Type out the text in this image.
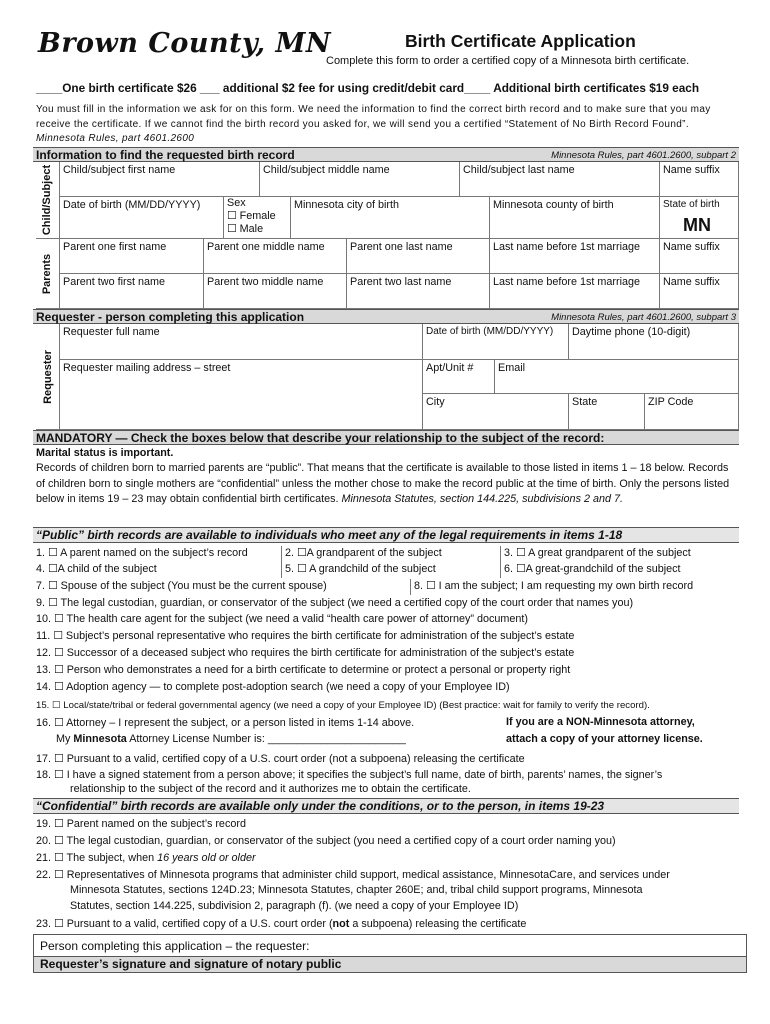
Brown County, MN	Birth Certificate Application
Complete this form to order a certified copy of a Minnesota birth certificate.
____One birth certificate $26 ___ additional $2 fee for using credit/debit card____ Additional birth certificates $19 each
You must fill in the information we ask for on this form. We need the information to find the correct birth record and to make sure that you may receive the certificate. If we cannot find the birth record you asked for, we will send you a certified “Statement of No Birth Record Found”. Minnesota Rules, part 4601.2600
Information to find the requested birth record	Minnesota Rules, part 4601.2600, subpart 2
Child/Subject
Parents
Child/subject first name	Child/subject middle name	Child/subject last name	Name suffix
Date of birth (MM/DD/YYYY) Sex
☐ Female
☐ Male
Minnesota city of birth	Minnesota county of birth	State of birth
MN
Parent one first name	Parent one middle name Parent one last name	Last name before 1st marriage Name suffix
Parent two first name	Parent two middle name Parent two last name	Last name before 1st marriage Name suffix
Requester - person completing this application	Minnesota Rules, part 4601.2600, subpart 3
Requester
Requester full name	Date of birth (MM/DD/YYYY) Daytime phone (10-digit)
Requester mailing address – street	Apt/Unit # Email
City	State	ZIP Code
MANDATORY — Check the boxes below that describe your relationship to the subject of the record:
Marital status is important.
Records of children born to married parents are “public”. That means that the certificate is available to those listed in items 1 – 18 below. Records of children born to single mothers are “confidential” unless the mother chose to make the record public at the time of birth. Only the persons listed below in items 19 – 23 may obtain confidential birth certificates. Minnesota Statutes, section 144.225, subdivisions 2 and 7.
“Public” birth records are available to individuals who meet any of the legal requirements in items 1-18
1. ☐ A parent named on the subject’s record	2. ☐A grandparent of the subject	3. ☐ A great grandparent of the subject
4. ☐A child of the subject	5. ☐ A grandchild of the subject	6. ☐A great-grandchild of the subject
7. ☐ Spouse of the subject (You must be the current spouse)	8. ☐ I am the subject; I am requesting my own birth record
9. ☐ The legal custodian, guardian, or conservator of the subject (we need a certified copy of the court order that names you)
10. ☐ The health care agent for the subject (we need a valid “health care power of attorney” document)
11. ☐ Subject’s personal representative who requires the birth certificate for administration of the subject’s estate
12. ☐ Successor of a deceased subject who requires the birth certificate for administration of the subject’s estate
13. ☐ Person who demonstrates a need for a birth certificate to determine or protect a personal or property right
14. ☐ Adoption agency — to complete post-adoption search (we need a copy of your Employee ID)
15. ☐ Local/state/tribal or federal governmental agency (we need a copy of your Employee ID) (Best practice: wait for family to verify the record).
16. ☐ Attorney – I represent the subject, or a person listed in items 1-14 above.	If you are a NON-Minnesota attorney,
My Minnesota Attorney License Number is: _______________________	attach a copy of your attorney license.
17. ☐ Pursuant to a valid, certified copy of a U.S. court order (not a subpoena) releasing the certificate
18. ☐ I have a signed statement from a person above; it specifies the subject’s full name, date of birth, parents’ names, the signer’s
relationship to the subject of the record and it authorizes me to obtain the certificate.
“Confidential” birth records are available only under the conditions, or to the person, in items 19-23
19. ☐ Parent named on the subject’s record
20. ☐ The legal custodian, guardian, or conservator of the subject (you need a certified copy of a court order naming you)
21. ☐ The subject, when 16 years old or older
22. ☐ Representatives of Minnesota programs that administer child support, medical assistance, MinnesotaCare, and services under
Minnesota Statutes, sections 124D.23; Minnesota Statutes, chapter 260E; and, tribal child support programs, Minnesota
Statutes, section 144.225, subdivision 2, paragraph (f). (we need a copy of your Employee ID)
23. ☐ Pursuant to a valid, certified copy of a U.S. court order (not a subpoena) releasing the certificate
Person completing this application – the requester:
Requester’s signature and signature of notary public
